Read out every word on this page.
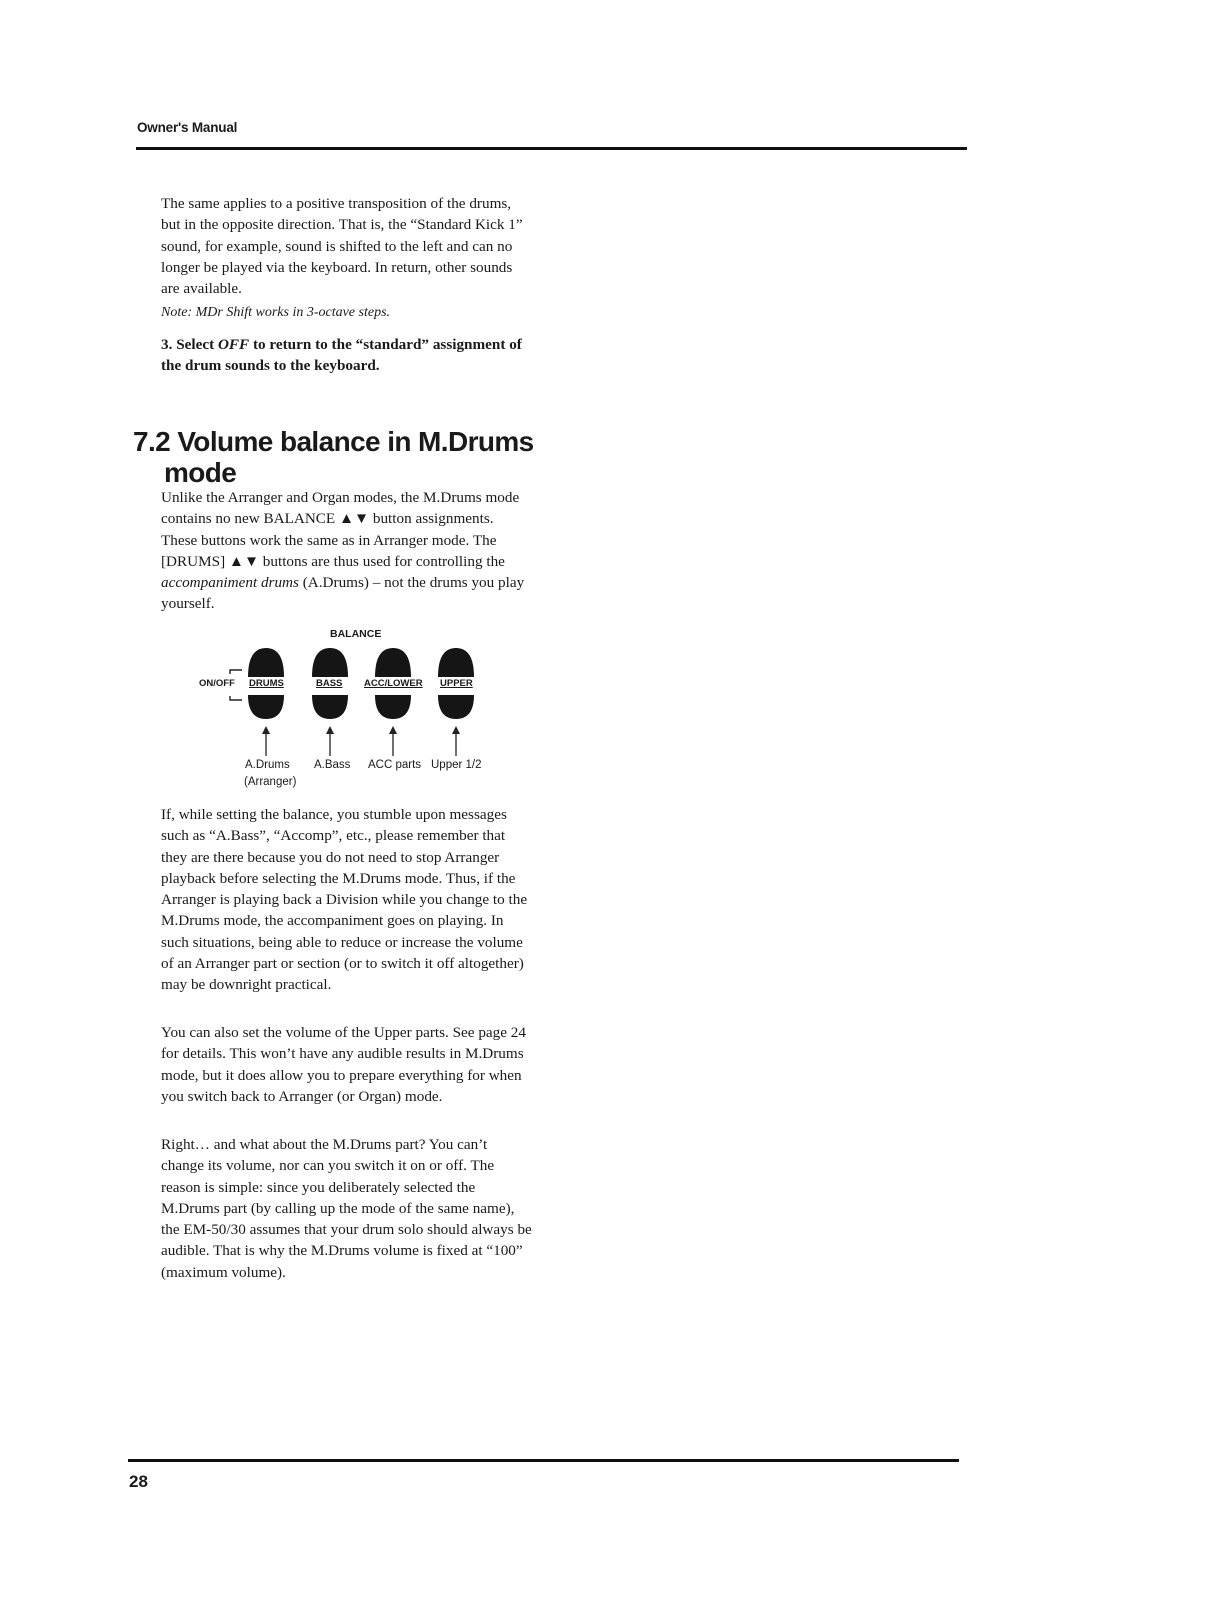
Owner's Manual

The same applies to a positive transposition of the drums, but in the opposite direction. That is, the “Standard Kick 1” sound, for example, sound is shifted to the left and can no longer be played via the keyboard. In return, other sounds are available.

Note: MDr Shift works in 3-octave steps.

3. Select OFF to return to the “standard” assignment of the drum sounds to the keyboard.

7.2 Volume balance in M.Drums
mode

Unlike the Arranger and Organ modes, the M.Drums mode contains no new BALANCE ▲▼ button assignments. These buttons work the same as in Arranger mode. The [DRUMS] ▲▼ buttons are thus used for controlling the accompaniment drums (A.Drums) – not the drums you play yourself.

BALANCE
ON/OFF DRUMS	BASS ACC/LOWER UPPER
A.Drums
(Arranger)
A.Bass ACC parts Upper 1/2

If, while setting the balance, you stumble upon messages such as “A.Bass”, “Accomp”, etc., please remember that they are there because you do not need to stop Arranger playback before selecting the M.Drums mode. Thus, if the Arranger is playing back a Division while you change to the M.Drums mode, the accompaniment goes on playing. In such situations, being able to reduce or increase the volume of an Arranger part or section (or to switch it off altogether) may be downright practical.

You can also set the volume of the Upper parts. See page 24 for details. This won’t have any audible results in M.Drums mode, but it does allow you to prepare everything for when you switch back to Arranger (or Organ) mode.

Right… and what about the M.Drums part? You can’t change its volume, nor can you switch it on or off. The reason is simple: since you deliberately selected the M.Drums part (by calling up the mode of the same name), the EM-50/30 assumes that your drum solo should always be audible. That is why the M.Drums volume is fixed at “100” (maximum volume).

28
